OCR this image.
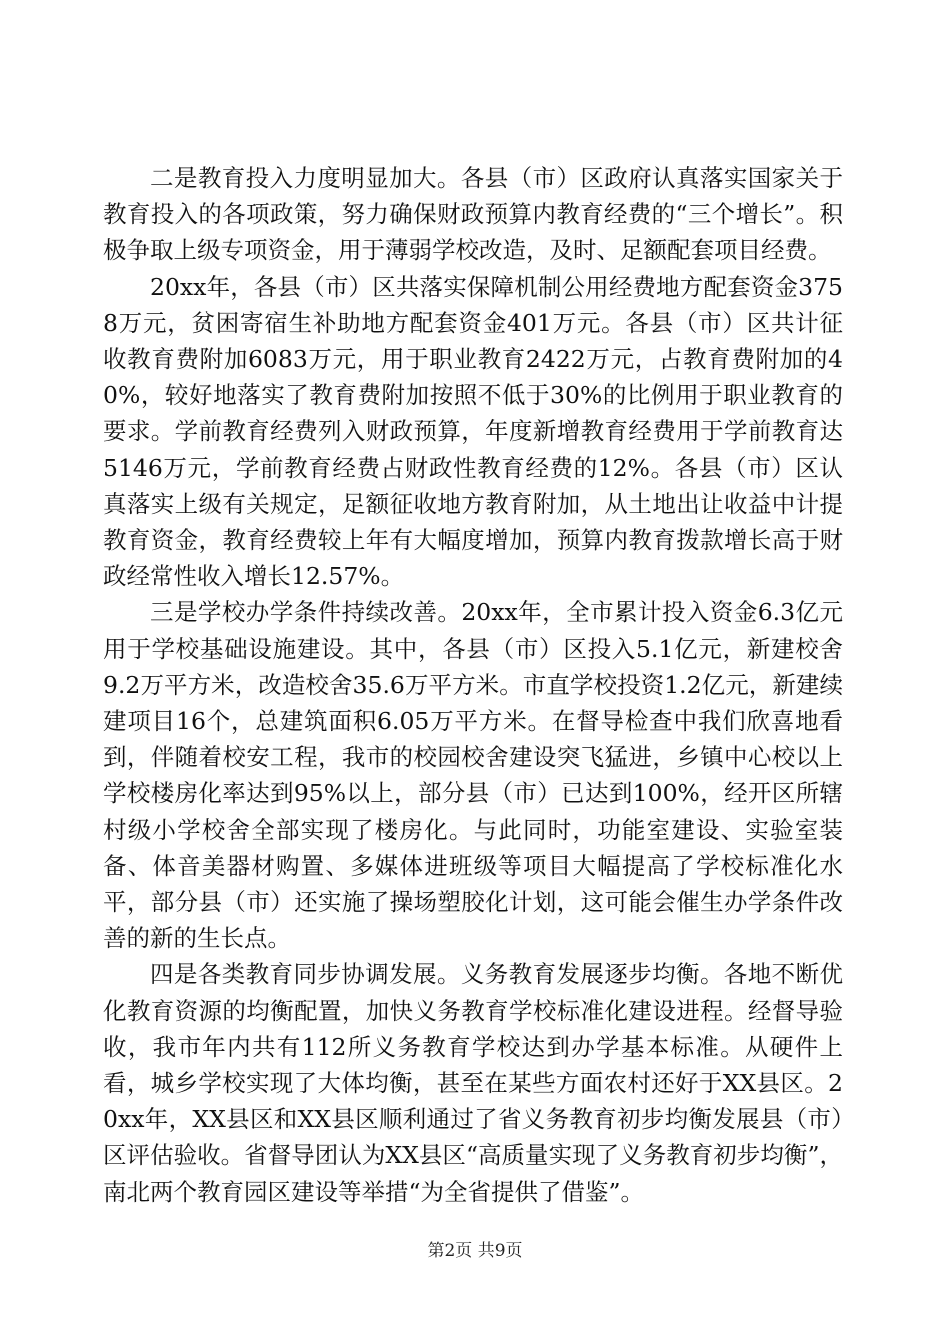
二是教育投入力度明显加大。各县（市）区政府认真落实国家关于教育投入的各项政策，努力确保财政预算内教育经费的“三个增长”。积极争取上级专项资金，用于薄弱学校改造，及时、足额配套项目经费。

20xx年，各县（市）区共落实保障机制公用经费地方配套资金3758万元，贫困寄宿生补助地方配套资金401万元。各县（市）区共计征收教育费附加6083万元，用于职业教育2422万元，占教育费附加的40%，较好地落实了教育费附加按照不低于30%的比例用于职业教育的要求。学前教育经费列入财政预算，年度新增教育经费用于学前教育达5146万元，学前教育经费占财政性教育经费的12%。各县（市）区认真落实上级有关规定，足额征收地方教育附加，从土地出让收益中计提教育资金，教育经费较上年有大幅度增加，预算内教育拨款增长高于财政经常性收入增长12.57%。

三是学校办学条件持续改善。20xx年，全市累计投入资金6.3亿元用于学校基础设施建设。其中，各县（市）区投入5.1亿元，新建校舍9.2万平方米，改造校舍35.6万平方米。市直学校投资1.2亿元，新建续建项目16个，总建筑面积6.05万平方米。在督导检查中我们欣喜地看到，伴随着校安工程，我市的校园校舍建设突飞猛进，乡镇中心校以上学校楼房化率达到95%以上，部分县（市）已达到100%，经开区所辖村级小学校舍全部实现了楼房化。与此同时，功能室建设、实验室装备、体音美器材购置、多媒体进班级等项目大幅提高了学校标准化水平，部分县（市）还实施了操场塑胶化计划，这可能会催生办学条件改善的新的生长点。

四是各类教育同步协调发展。义务教育发展逐步均衡。各地不断优化教育资源的均衡配置，加快义务教育学校标准化建设进程。经督导验收，我市年内共有112所义务教育学校达到办学基本标准。从硬件上看，城乡学校实现了大体均衡，甚至在某些方面农村还好于XX县区。20xx年，XX县区和XX县区顺利通过了省义务教育初步均衡发展县（市）区评估验收。省督导团认为XX县区“高质量实现了义务教育初步均衡”，南北两个教育园区建设等举措“为全省提供了借鉴”。

第2页 共9页
